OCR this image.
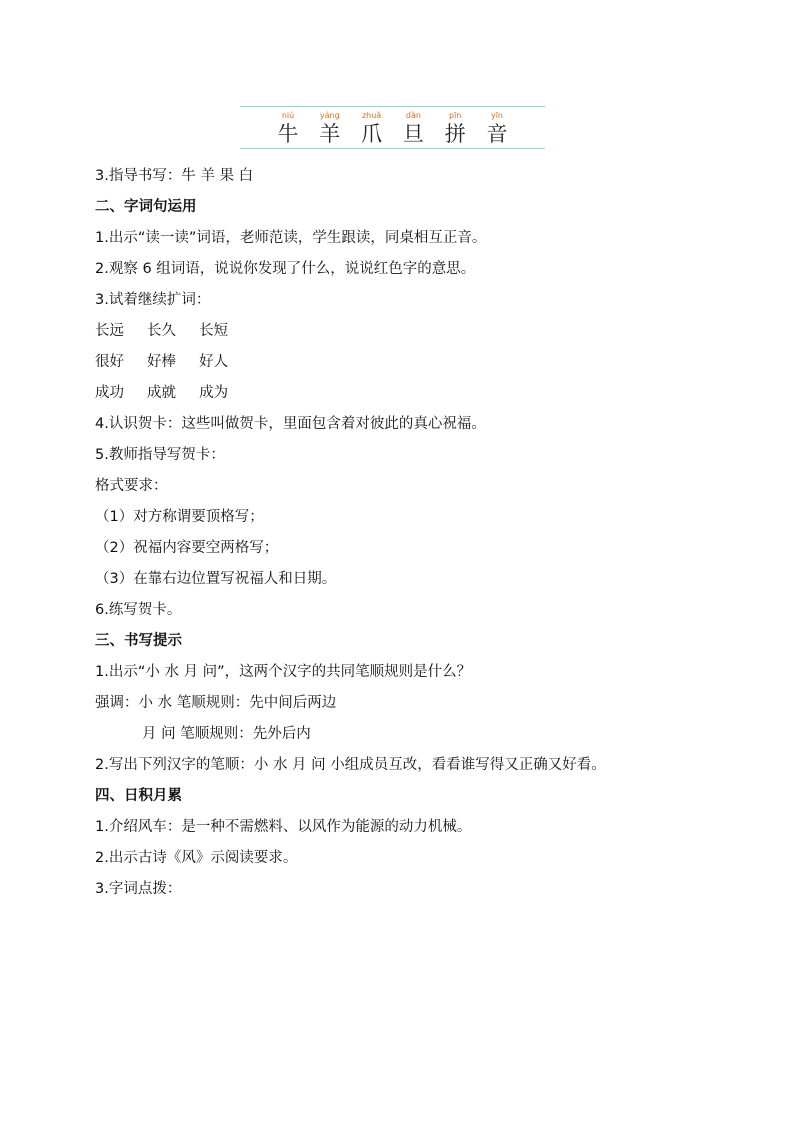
niú
牛
yáng
羊
zhuǎ
爪
dàn
旦
pīn
拼
yīn
音
3.指导书写：牛 羊 果 白
二、字词句运用
1.出示“读一读”词语，老师范读，学生跟读，同桌相互正音。
2.观察 6 组词语，说说你发现了什么，说说红色字的意思。
3.试着继续扩词：
长远     长久     长短
很好     好棒     好人
成功     成就     成为
4.认识贺卡：这些叫做贺卡，里面包含着对彼此的真心祝福。
5.教师指导写贺卡：
格式要求：
（1）对方称谓要顶格写；
（2）祝福内容要空两格写；
（3）在靠右边位置写祝福人和日期。
6.练写贺卡。
三、书写提示
1.出示“小 水 月 问”，这两个汉字的共同笔顺规则是什么？
强调：小 水 笔顺规则：先中间后两边
月 问 笔顺规则：先外后内
2.写出下列汉字的笔顺：小 水 月 问 小组成员互改，看看谁写得又正确又好看。
四、日积月累
1.介绍风车：是一种不需燃料、以风作为能源的动力机械。
2.出示古诗《风》示阅读要求。
3.字词点拨：
